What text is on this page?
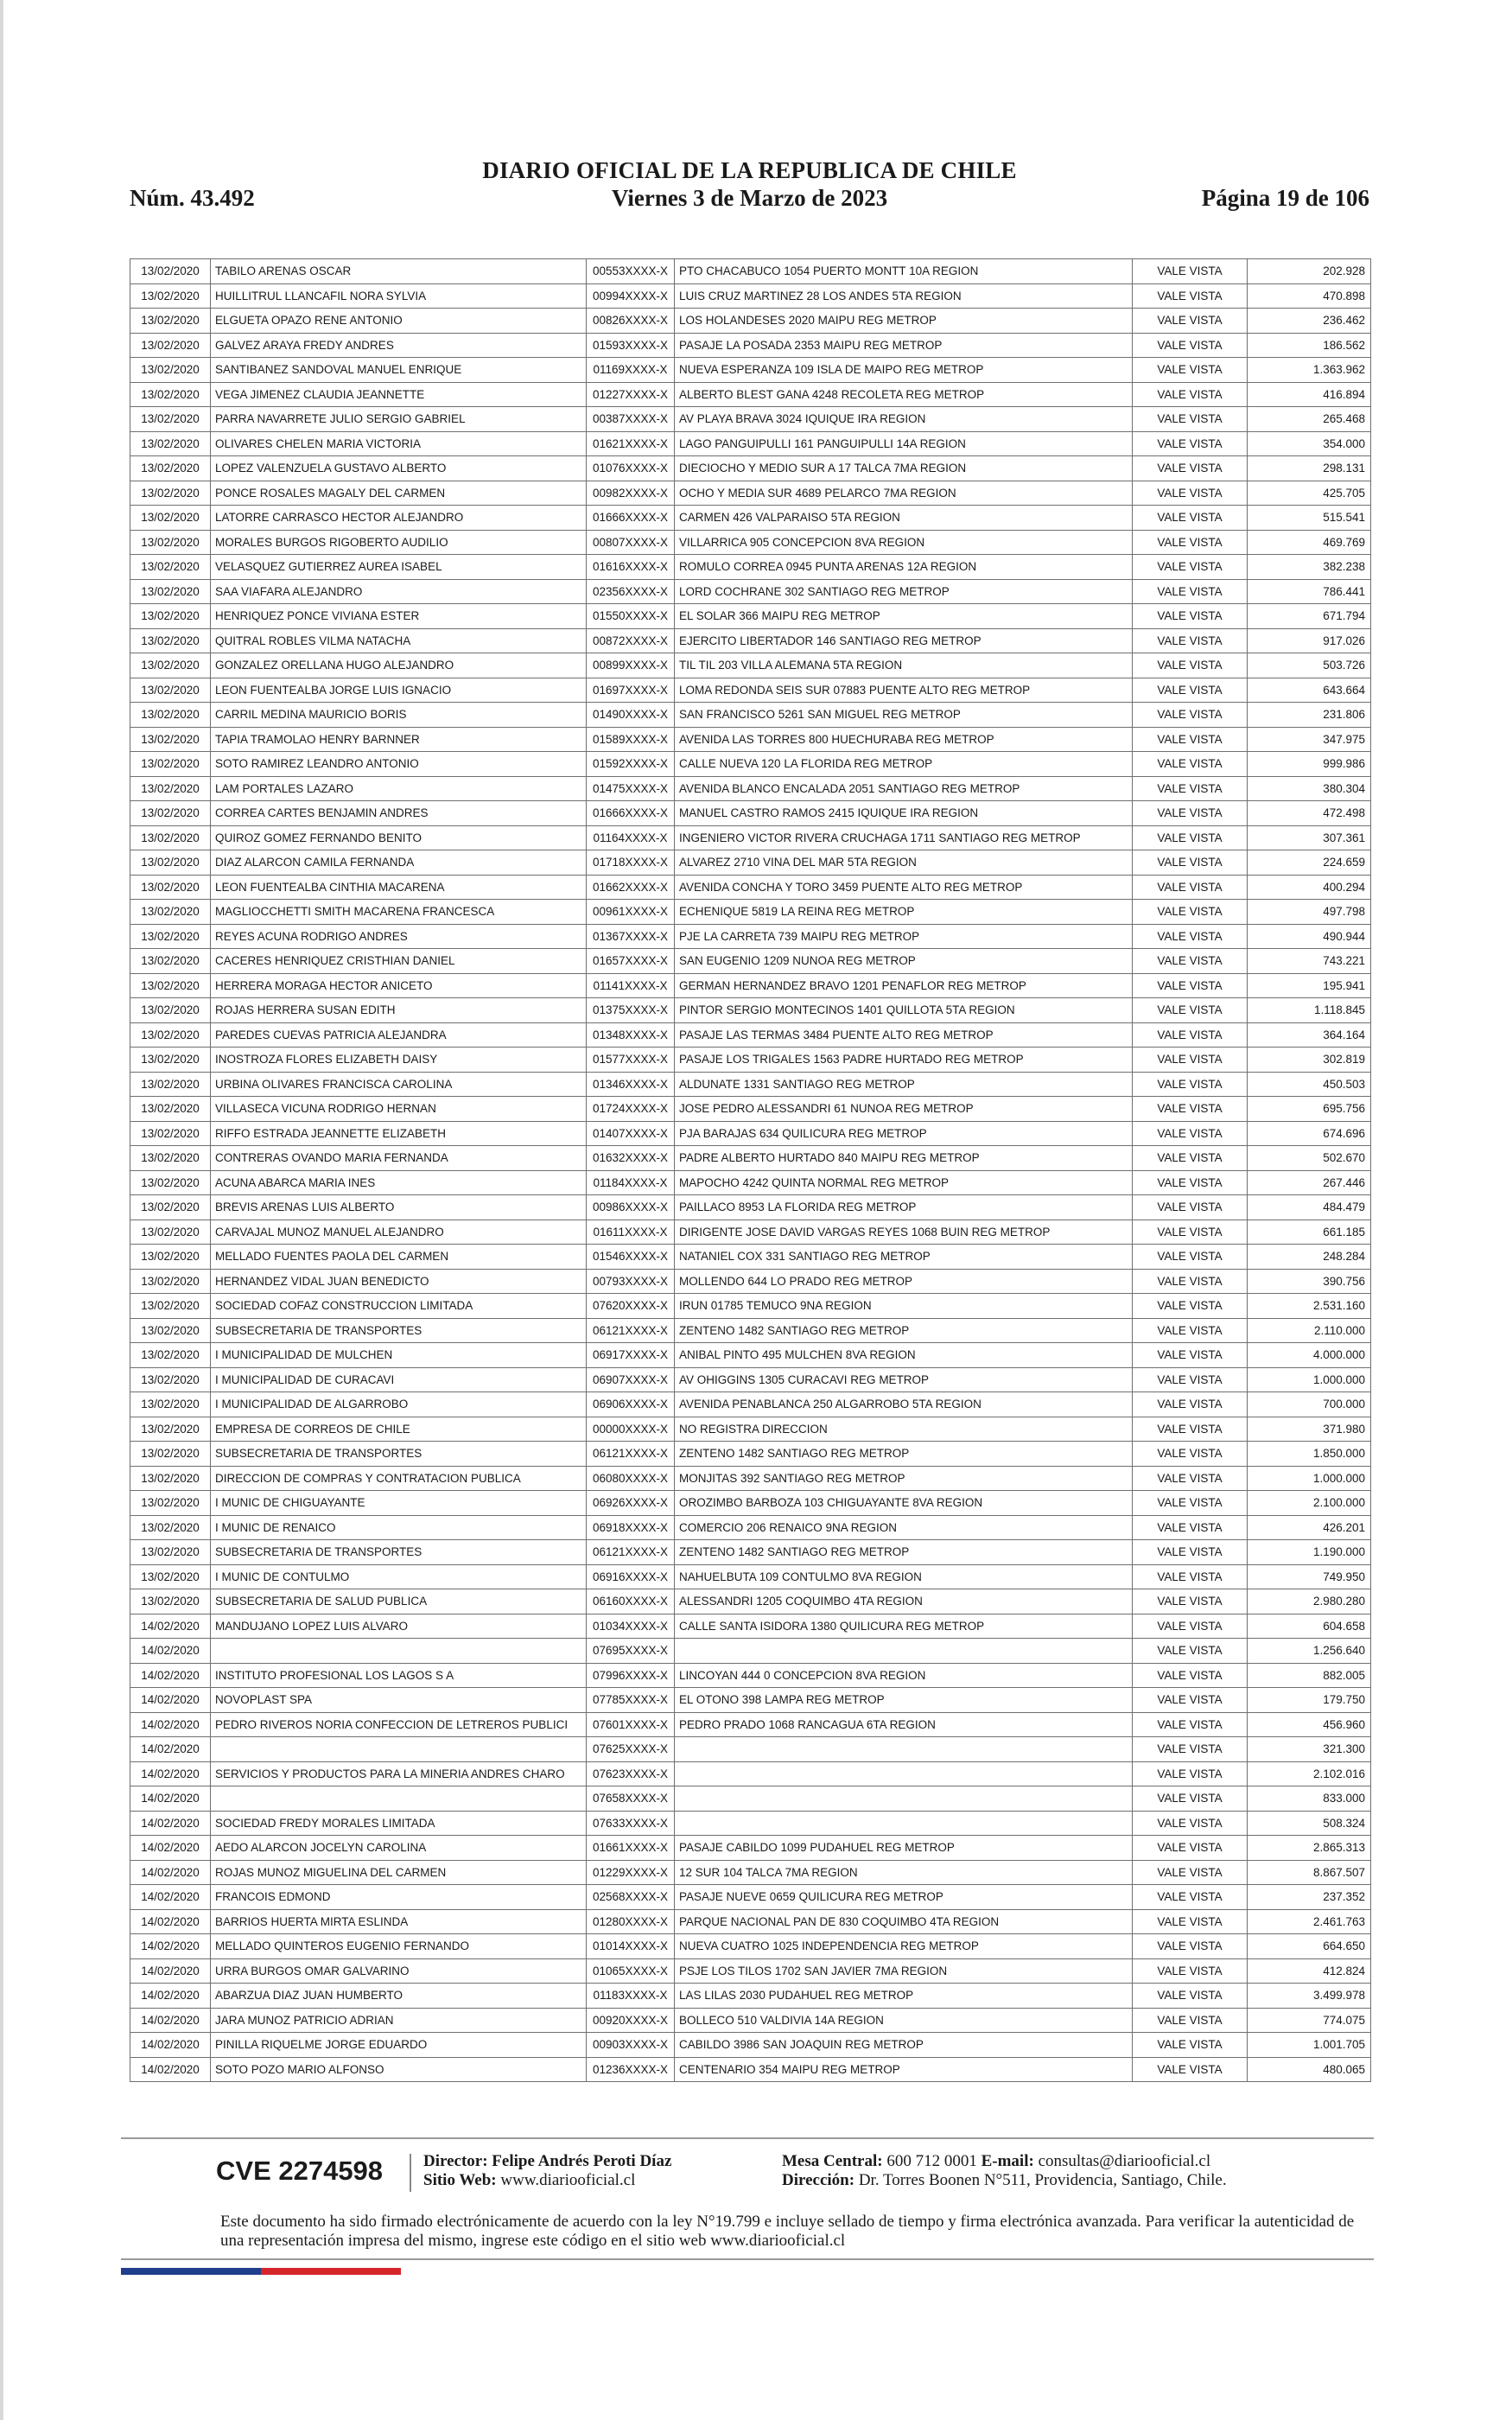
DIARIO OFICIAL DE LA REPUBLICA DE CHILE
Núm. 43.492	Viernes 3 de Marzo de 2023	Página 19 de 106
13/02/2020	TABILO ARENAS OSCAR	00553XXXX-X	PTO CHACABUCO 1054 PUERTO MONTT 10A REGION	VALE VISTA	202.928
13/02/2020	HUILLITRUL LLANCAFIL NORA SYLVIA	00994XXXX-X	LUIS CRUZ MARTINEZ 28 LOS ANDES 5TA REGION	VALE VISTA	470.898
13/02/2020	ELGUETA OPAZO RENE ANTONIO	00826XXXX-X	LOS HOLANDESES 2020 MAIPU REG METROP	VALE VISTA	236.462
13/02/2020	GALVEZ ARAYA FREDY ANDRES	01593XXXX-X	PASAJE LA POSADA 2353 MAIPU REG METROP	VALE VISTA	186.562
13/02/2020	SANTIBANEZ SANDOVAL MANUEL ENRIQUE	01169XXXX-X	NUEVA ESPERANZA 109 ISLA DE MAIPO REG METROP	VALE VISTA	1.363.962
13/02/2020	VEGA JIMENEZ CLAUDIA JEANNETTE	01227XXXX-X	ALBERTO BLEST GANA 4248 RECOLETA REG METROP	VALE VISTA	416.894
13/02/2020	PARRA NAVARRETE JULIO SERGIO GABRIEL	00387XXXX-X	AV PLAYA BRAVA 3024 IQUIQUE IRA REGION	VALE VISTA	265.468
13/02/2020	OLIVARES CHELEN MARIA VICTORIA	01621XXXX-X	LAGO PANGUIPULLI 161 PANGUIPULLI 14A REGION	VALE VISTA	354.000
13/02/2020	LOPEZ VALENZUELA GUSTAVO ALBERTO	01076XXXX-X	DIECIOCHO Y MEDIO SUR A 17 TALCA 7MA REGION	VALE VISTA	298.131
13/02/2020	PONCE ROSALES MAGALY DEL CARMEN	00982XXXX-X	OCHO Y MEDIA SUR 4689 PELARCO 7MA REGION	VALE VISTA	425.705
13/02/2020	LATORRE CARRASCO HECTOR ALEJANDRO	01666XXXX-X	CARMEN 426 VALPARAISO 5TA REGION	VALE VISTA	515.541
13/02/2020	MORALES BURGOS RIGOBERTO AUDILIO	00807XXXX-X	VILLARRICA 905 CONCEPCION 8VA REGION	VALE VISTA	469.769
13/02/2020	VELASQUEZ GUTIERREZ AUREA ISABEL	01616XXXX-X	ROMULO CORREA 0945 PUNTA ARENAS 12A REGION	VALE VISTA	382.238
13/02/2020	SAA VIAFARA ALEJANDRO	02356XXXX-X	LORD COCHRANE 302 SANTIAGO REG METROP	VALE VISTA	786.441
13/02/2020	HENRIQUEZ PONCE VIVIANA ESTER	01550XXXX-X	EL SOLAR 366 MAIPU REG METROP	VALE VISTA	671.794
13/02/2020	QUITRAL ROBLES VILMA NATACHA	00872XXXX-X	EJERCITO LIBERTADOR 146 SANTIAGO REG METROP	VALE VISTA	917.026
13/02/2020	GONZALEZ ORELLANA HUGO ALEJANDRO	00899XXXX-X	TIL TIL 203 VILLA ALEMANA 5TA REGION	VALE VISTA	503.726
13/02/2020	LEON FUENTEALBA JORGE LUIS IGNACIO	01697XXXX-X	LOMA REDONDA SEIS SUR 07883 PUENTE ALTO REG METROP	VALE VISTA	643.664
13/02/2020	CARRIL MEDINA MAURICIO BORIS	01490XXXX-X	SAN FRANCISCO 5261 SAN MIGUEL REG METROP	VALE VISTA	231.806
13/02/2020	TAPIA TRAMOLAO HENRY BARNNER	01589XXXX-X	AVENIDA LAS TORRES 800 HUECHURABA REG METROP	VALE VISTA	347.975
13/02/2020	SOTO RAMIREZ LEANDRO ANTONIO	01592XXXX-X	CALLE NUEVA 120 LA FLORIDA REG METROP	VALE VISTA	999.986
13/02/2020	LAM PORTALES LAZARO	01475XXXX-X	AVENIDA BLANCO ENCALADA 2051 SANTIAGO REG METROP	VALE VISTA	380.304
13/02/2020	CORREA CARTES BENJAMIN ANDRES	01666XXXX-X	MANUEL CASTRO RAMOS 2415 IQUIQUE IRA REGION	VALE VISTA	472.498
13/02/2020	QUIROZ GOMEZ FERNANDO BENITO	01164XXXX-X	INGENIERO VICTOR RIVERA CRUCHAGA 1711 SANTIAGO REG METROP	VALE VISTA	307.361
13/02/2020	DIAZ ALARCON CAMILA FERNANDA	01718XXXX-X	ALVAREZ 2710 VINA DEL MAR 5TA REGION	VALE VISTA	224.659
13/02/2020	LEON FUENTEALBA CINTHIA MACARENA	01662XXXX-X	AVENIDA CONCHA Y TORO 3459 PUENTE ALTO REG METROP	VALE VISTA	400.294
13/02/2020	MAGLIOCCHETTI SMITH MACARENA FRANCESCA	00961XXXX-X	ECHENIQUE 5819 LA REINA REG METROP	VALE VISTA	497.798
13/02/2020	REYES ACUNA RODRIGO ANDRES	01367XXXX-X	PJE LA CARRETA 739 MAIPU REG METROP	VALE VISTA	490.944
13/02/2020	CACERES HENRIQUEZ CRISTHIAN DANIEL	01657XXXX-X	SAN EUGENIO 1209 NUNOA REG METROP	VALE VISTA	743.221
13/02/2020	HERRERA MORAGA HECTOR ANICETO	01141XXXX-X	GERMAN HERNANDEZ BRAVO 1201 PENAFLOR REG METROP	VALE VISTA	195.941
13/02/2020	ROJAS HERRERA SUSAN EDITH	01375XXXX-X	PINTOR SERGIO MONTECINOS 1401 QUILLOTA 5TA REGION	VALE VISTA	1.118.845
13/02/2020	PAREDES CUEVAS PATRICIA ALEJANDRA	01348XXXX-X	PASAJE LAS TERMAS 3484 PUENTE ALTO REG METROP	VALE VISTA	364.164
13/02/2020	INOSTROZA FLORES ELIZABETH DAISY	01577XXXX-X	PASAJE LOS TRIGALES 1563 PADRE HURTADO REG METROP	VALE VISTA	302.819
13/02/2020	URBINA OLIVARES FRANCISCA CAROLINA	01346XXXX-X	ALDUNATE 1331 SANTIAGO REG METROP	VALE VISTA	450.503
13/02/2020	VILLASECA VICUNA RODRIGO HERNAN	01724XXXX-X	JOSE PEDRO ALESSANDRI 61 NUNOA REG METROP	VALE VISTA	695.756
13/02/2020	RIFFO ESTRADA JEANNETTE ELIZABETH	01407XXXX-X	PJA BARAJAS 634 QUILICURA REG METROP	VALE VISTA	674.696
13/02/2020	CONTRERAS OVANDO MARIA FERNANDA	01632XXXX-X	PADRE ALBERTO HURTADO 840 MAIPU REG METROP	VALE VISTA	502.670
13/02/2020	ACUNA ABARCA MARIA INES	01184XXXX-X	MAPOCHO 4242 QUINTA NORMAL REG METROP	VALE VISTA	267.446
13/02/2020	BREVIS ARENAS LUIS ALBERTO	00986XXXX-X	PAILLACO 8953 LA FLORIDA REG METROP	VALE VISTA	484.479
13/02/2020	CARVAJAL MUNOZ MANUEL ALEJANDRO	01611XXXX-X	DIRIGENTE JOSE DAVID VARGAS REYES 1068 BUIN REG METROP	VALE VISTA	661.185
13/02/2020	MELLADO FUENTES PAOLA DEL CARMEN	01546XXXX-X	NATANIEL COX 331 SANTIAGO REG METROP	VALE VISTA	248.284
13/02/2020	HERNANDEZ VIDAL JUAN BENEDICTO	00793XXXX-X	MOLLENDO 644 LO PRADO REG METROP	VALE VISTA	390.756
13/02/2020	SOCIEDAD COFAZ CONSTRUCCION LIMITADA	07620XXXX-X	IRUN 01785 TEMUCO 9NA REGION	VALE VISTA	2.531.160
13/02/2020	SUBSECRETARIA DE TRANSPORTES	06121XXXX-X	ZENTENO 1482 SANTIAGO REG METROP	VALE VISTA	2.110.000
13/02/2020	I MUNICIPALIDAD DE MULCHEN	06917XXXX-X	ANIBAL PINTO 495 MULCHEN 8VA REGION	VALE VISTA	4.000.000
13/02/2020	I MUNICIPALIDAD DE CURACAVI	06907XXXX-X	AV OHIGGINS 1305 CURACAVI REG METROP	VALE VISTA	1.000.000
13/02/2020	I MUNICIPALIDAD DE ALGARROBO	06906XXXX-X	AVENIDA PENABLANCA 250 ALGARROBO 5TA REGION	VALE VISTA	700.000
13/02/2020	EMPRESA DE CORREOS DE CHILE	00000XXXX-X	NO REGISTRA DIRECCION	VALE VISTA	371.980
13/02/2020	SUBSECRETARIA DE TRANSPORTES	06121XXXX-X	ZENTENO 1482 SANTIAGO REG METROP	VALE VISTA	1.850.000
13/02/2020	DIRECCION DE COMPRAS Y CONTRATACION PUBLICA	06080XXXX-X	MONJITAS 392 SANTIAGO REG METROP	VALE VISTA	1.000.000
13/02/2020	I MUNIC DE CHIGUAYANTE	06926XXXX-X	OROZIMBO BARBOZA 103 CHIGUAYANTE 8VA REGION	VALE VISTA	2.100.000
13/02/2020	I MUNIC DE RENAICO	06918XXXX-X	COMERCIO 206 RENAICO 9NA REGION	VALE VISTA	426.201
13/02/2020	SUBSECRETARIA DE TRANSPORTES	06121XXXX-X	ZENTENO 1482 SANTIAGO REG METROP	VALE VISTA	1.190.000
13/02/2020	I MUNIC DE CONTULMO	06916XXXX-X	NAHUELBUTA 109 CONTULMO 8VA REGION	VALE VISTA	749.950
13/02/2020	SUBSECRETARIA DE SALUD PUBLICA	06160XXXX-X	ALESSANDRI 1205 COQUIMBO 4TA REGION	VALE VISTA	2.980.280
14/02/2020	MANDUJANO LOPEZ LUIS ALVARO	01034XXXX-X	CALLE SANTA ISIDORA 1380 QUILICURA REG METROP	VALE VISTA	604.658
14/02/2020		07695XXXX-X		VALE VISTA	1.256.640
14/02/2020	INSTITUTO PROFESIONAL LOS LAGOS S A	07996XXXX-X	LINCOYAN 444 0 CONCEPCION 8VA REGION	VALE VISTA	882.005
14/02/2020	NOVOPLAST SPA	07785XXXX-X	EL OTONO 398 LAMPA REG METROP	VALE VISTA	179.750
14/02/2020	PEDRO RIVEROS NORIA CONFECCION DE LETREROS PUBLICI	07601XXXX-X	PEDRO PRADO 1068 RANCAGUA 6TA REGION	VALE VISTA	456.960
14/02/2020		07625XXXX-X		VALE VISTA	321.300
14/02/2020	SERVICIOS Y PRODUCTOS PARA LA MINERIA ANDRES CHARO	07623XXXX-X		VALE VISTA	2.102.016
14/02/2020		07658XXXX-X		VALE VISTA	833.000
14/02/2020	SOCIEDAD FREDY MORALES LIMITADA	07633XXXX-X		VALE VISTA	508.324
14/02/2020	AEDO ALARCON JOCELYN CAROLINA	01661XXXX-X	PASAJE CABILDO 1099 PUDAHUEL REG METROP	VALE VISTA	2.865.313
14/02/2020	ROJAS MUNOZ MIGUELINA DEL CARMEN	01229XXXX-X	12 SUR 104 TALCA 7MA REGION	VALE VISTA	8.867.507
14/02/2020	FRANCOIS EDMOND	02568XXXX-X	PASAJE NUEVE 0659 QUILICURA REG METROP	VALE VISTA	237.352
14/02/2020	BARRIOS HUERTA MIRTA ESLINDA	01280XXXX-X	PARQUE NACIONAL PAN DE 830 COQUIMBO 4TA REGION	VALE VISTA	2.461.763
14/02/2020	MELLADO QUINTEROS EUGENIO FERNANDO	01014XXXX-X	NUEVA CUATRO 1025 INDEPENDENCIA REG METROP	VALE VISTA	664.650
14/02/2020	URRA BURGOS OMAR GALVARINO	01065XXXX-X	PSJE LOS TILOS 1702 SAN JAVIER 7MA REGION	VALE VISTA	412.824
14/02/2020	ABARZUA DIAZ JUAN HUMBERTO	01183XXXX-X	LAS LILAS 2030 PUDAHUEL REG METROP	VALE VISTA	3.499.978
14/02/2020	JARA MUNOZ PATRICIO ADRIAN	00920XXXX-X	BOLLECO 510 VALDIVIA 14A REGION	VALE VISTA	774.075
14/02/2020	PINILLA RIQUELME JORGE EDUARDO	00903XXXX-X	CABILDO 3986 SAN JOAQUIN REG METROP	VALE VISTA	1.001.705
14/02/2020	SOTO POZO MARIO ALFONSO	01236XXXX-X	CENTENARIO 354 MAIPU REG METROP	VALE VISTA	480.065
CVE 2274598 Director: Felipe Andrés Peroti Díaz
Sitio Web: www.diariooficial.cl
Mesa Central: 600 712 0001 E-mail: consultas@diariooficial.cl
Dirección: Dr. Torres Boonen N°511, Providencia, Santiago, Chile.
Este documento ha sido firmado electrónicamente de acuerdo con la ley N°19.799 e incluye sellado de tiempo y firma electrónica avanzada. Para verificar la autenticidad de una representación impresa del mismo, ingrese este código en el sitio web www.diariooficial.cl
